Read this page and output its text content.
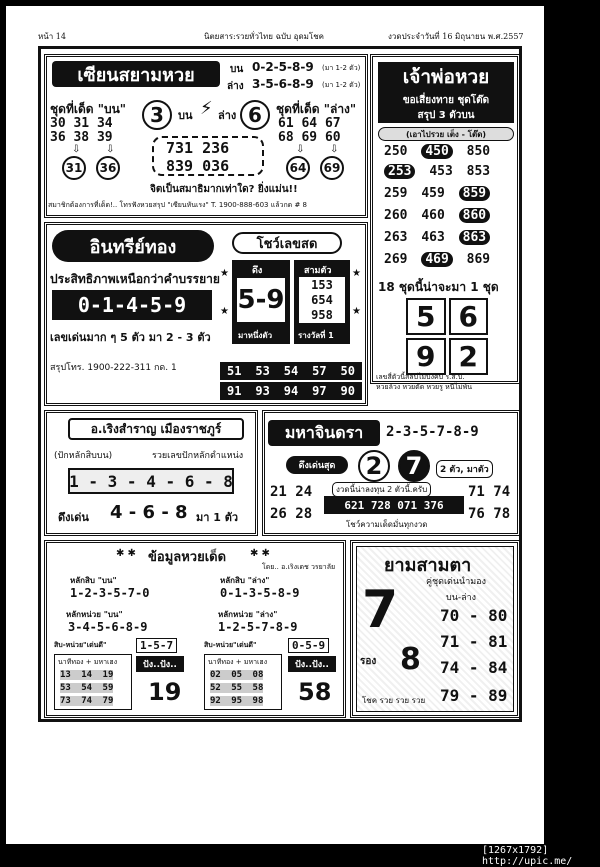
หน้า 14	นิตยสาร:รวยทั่วไทย ฉบับ อุดมโชค	งวดประจำวันที่ 16 มิถุนายน พ.ศ.2557
เซียนสยามหวย	บน 0-2-5-8-9 (มา 1-2 ตัว)
ล่าง 3-5-6-8-9 (มา 1-2 ตัว)
ชุดที่เด็ด "บน"
30 31 34
36 38 39
3	บน ⚡ ล่าง 6	ชุดที่เด็ด "ล่าง"
61 64 67
68 69 60
731 236
839 036
⇩	⇩	⇩	⇩
31	36	64	69
จิตเป็นสมาธิมากเท่าใด? ยิ่งแม่น!!
สมาชิกต้องการที่เด็ด!.. โทรฟังหวยสรุป "เซียนหันเรง" T. 1900-888-603 แล้วกด # 8
เจ้าพ่อหวย
ขอเสี่ยงทาย ชุดโต๊ด
สรุป 3 ตัวบน
(เอาไปรวย เต็ง - โต๊ด)
250 450 850
253 453 853
259 459 859
260 460 860
263 463 863
269 469 869
18 ชุดนี้น่าจะมา 1 ชุด
5 6
9 2
เลขสี่ตัวนี้สลับไม่บังคับ ร.ส.บ.
หวยล้วง หวยตัด หวยรู หนีไม่พ้น
อินทรีย์ทอง
ประสิทธิภาพเหนือกว่าคำบรรยาย
0-1-4-5-9
เลขเด่นมาก ๆ 5 ตัว มา 2 - 3 ตัว
สรุปโทร. 1900-222-311 กด. 1
โชว์เลขสด
★
★
★
★
ดึง
5-9
มาหนึ่งตัว
สามตัว
153
654
958
รางวัลที่ 1
51 53 54 57 50
91 93 94 97 90
อ.เริงสำราญ เมืองราชภูร์
(ปักหลักสิบบน)	รวยเลขปักหลักตำแหน่ง
1 - 3 - 4 - 6 - 8
ดึงเด่น 4 - 6 - 8 มา 1 ตัว
มหาจินดรา	2-3-5-7-8-9
ดึงเด่นสุด	2 7	2 ตัว, มาตัว
21 24
26 28
71 74
76 78
งวดนี้น่าลงทุน 2 ตัวนี้.ครับ
621 728 071 376
โชว์ความเด็ดมั่นทุกงวด
✱ ✱ ข้อมูลหวยเด็ด ✱ ✱
โดย.. อ.เริงเดช วรยาลัย
หลักสิบ "บน"
1-2-3-5-7-0
หลักสิบ "ล่าง"
0-1-3-5-8-9
หลักหน่วย "บน"
3-4-5-6-8-9
หลักหน่วย "ล่าง"
1-2-5-7-8-9
สิบ-หน่วย"เด่นดี"	1-5-7	สิบ-หน่วย"เด่นดี"	0-5-9
นาทีทอง + มหาเฮง
13 14 19
53 54 59
73 74 79
ปัง..ปัง..
19
นาทีทอง + มหาเฮง
02 05 08
52 55 58
92 95 98
ปัง..ปัง..
58
ยามสามตา
คู่ชุดเด่นนำมอง
บน-ล่าง
7
รอง 8
70 - 80
71 - 81
74 - 84
79 - 89
โชค รวย รวย รวย
[1267x1792] http://upic.me/
